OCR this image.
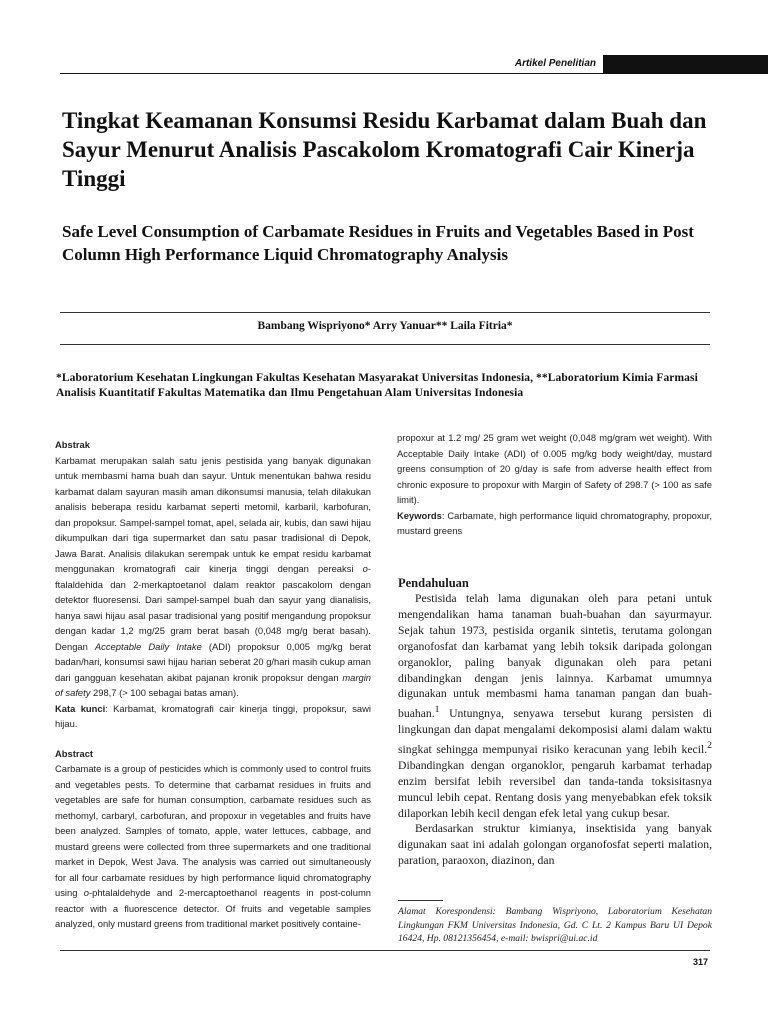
Artikel Penelitian
Tingkat Keamanan Konsumsi Residu Karbamat dalam Buah dan Sayur Menurut Analisis Pascakolom Kromatografi Cair Kinerja Tinggi
Safe Level Consumption of Carbamate Residues in Fruits and Vegetables Based in Post Column High Performance Liquid Chromatography Analysis
Bambang Wispriyono* Arry Yanuar** Laila Fitria*
*Laboratorium Kesehatan Lingkungan Fakultas Kesehatan Masyarakat Universitas Indonesia, **Laboratorium Kimia Farmasi Analisis Kuantitatif Fakultas Matematika dan Ilmu Pengetahuan Alam Universitas Indonesia
Abstrak

Karbamat merupakan salah satu jenis pestisida yang banyak digunakan untuk membasmi hama buah dan sayur. Untuk menentukan bahwa residu karbamat dalam sayuran masih aman dikonsumsi manusia, telah dilakukan analisis beberapa residu karbamat seperti metomil, karbaril, karbofuran, dan propoksur. Sampel-sampel tomat, apel, selada air, kubis, dan sawi hijau dikumpulkan dari tiga supermarket dan satu pasar tradisional di Depok, Jawa Barat. Analisis dilakukan serempak untuk ke empat residu karbamat menggunakan kromatografi cair kinerja tinggi dengan pereaksi o-ftalaldehida dan 2-merkaptoetanol dalam reaktor pascakolom dengan detektor fluoresensi. Dari sampel-sampel buah dan sayur yang dianalisis, hanya sawi hijau asal pasar tradisional yang positif mengandung propoksur dengan kadar 1,2 mg/25 gram berat basah (0,048 mg/g berat basah). Dengan Acceptable Daily Intake (ADI) propoksur 0,005 mg/kg berat badan/hari, konsumsi sawi hijau harian seberat 20 g/hari masih cukup aman dari gangguan kesehatan akibat pajanan kronik propoksur dengan margin of safety 298,7 (> 100 sebagai batas aman).

Kata kunci: Karbamat, kromatografi cair kinerja tinggi, propoksur, sawi hijau.

Abstract

Carbamate is a group of pesticides which is commonly used to control fruits and vegetables pests. To determine that carbamat residues in fruits and vegetables are safe for human consumption, carbamate residues such as methomyl, carbaryl, carbofuran, and propoxur in vegetables and fruits have been analyzed. Samples of tomato, apple, water lettuces, cabbage, and mustard greens were collected from three supermarkets and one traditional market in Depok, West Java. The analysis was carried out simultaneously for all four carbamate residues by high performance liquid chromatography using o-phtalaldehyde and 2-mercaptoethanol reagents in post-column reactor with a fluorescence detector. Of fruits and vegetable samples analyzed, only mustard greens from traditional market positively containe-

propoxur at 1.2 mg/ 25 gram wet weight (0,048 mg/gram wet weight). With Acceptable Daily Intake (ADI) of 0.005 mg/kg body weight/day, mustard greens consumption of 20 g/day is safe from adverse health effect from chronic exposure to propoxur with Margin of Safety of 298.7 (> 100 as safe limit).

Keywords: Carbamate, high performance liquid chromatography, propoxur, mustard greens

Pendahuluan

Pestisida telah lama digunakan oleh para petani untuk mengendalikan hama tanaman buah-buahan dan sayurmayur. Sejak tahun 1973, pestisida organik sintetis, terutama golongan organofosfat dan karbamat yang lebih toksik daripada golongan organoklor, paling banyak digunakan oleh para petani dibandingkan dengan jenis lainnya. Karbamat umumnya digunakan untuk membasmi hama tanaman pangan dan buah-buahan.$^1$ Untungnya, senyawa tersebut kurang persisten di lingkungan dan dapat mengalami dekomposisi alami dalam waktu singkat sehingga mempunyai risiko keracunan yang lebih kecil.$^2$ Dibandingkan dengan organoklor, pengaruh karbamat terhadap enzim bersifat lebih reversibel dan tanda-tanda toksisitasnya muncul lebih cepat. Rentang dosis yang menyebabkan efek toksik dilaporkan lebih kecil dengan efek letal yang cukup besar.

Berdasarkan struktur kimianya, insektisida yang banyak digunakan saat ini adalah golongan organofosfat seperti malation, paration, paraoxon, diazinon, dan

Alamat Korespondensi: Bambang Wispriyono, Laboratorium Kesehatan Lingkungan FKM Universitas Indonesia, Gd. C Lt. 2 Kampus Baru UI Depok 16424, Hp. 08121356454, e-mail: bwispri@ui.ac.id

317
